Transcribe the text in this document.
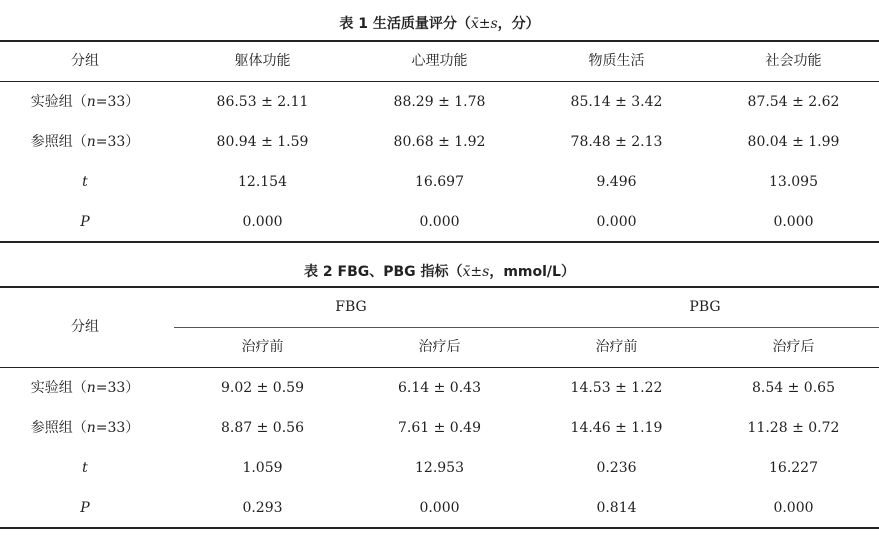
表 1 生活质量评分（x̄±s，分）
分组	躯体功能	心理功能	物质生活	社会功能
实验组（n=33）	86.53 ± 2.11	88.29 ± 1.78	85.14 ± 3.42	87.54 ± 2.62
参照组（n=33）	80.94 ± 1.59	80.68 ± 1.92	78.48 ± 2.13	80.04 ± 1.99
t	12.154	16.697	9.496	13.095
P	0.000	0.000	0.000	0.000
表 2 FBG、PBG 指标（x̄±s，mmol/L）
分组
FBG	PBG
治疗前	治疗后	治疗前	治疗后
实验组（n=33）	9.02 ± 0.59	6.14 ± 0.43	14.53 ± 1.22	8.54 ± 0.65
参照组（n=33）	8.87 ± 0.56	7.61 ± 0.49	14.46 ± 1.19	11.28 ± 0.72
t	1.059	12.953	0.236	16.227
P	0.293	0.000	0.814	0.000
